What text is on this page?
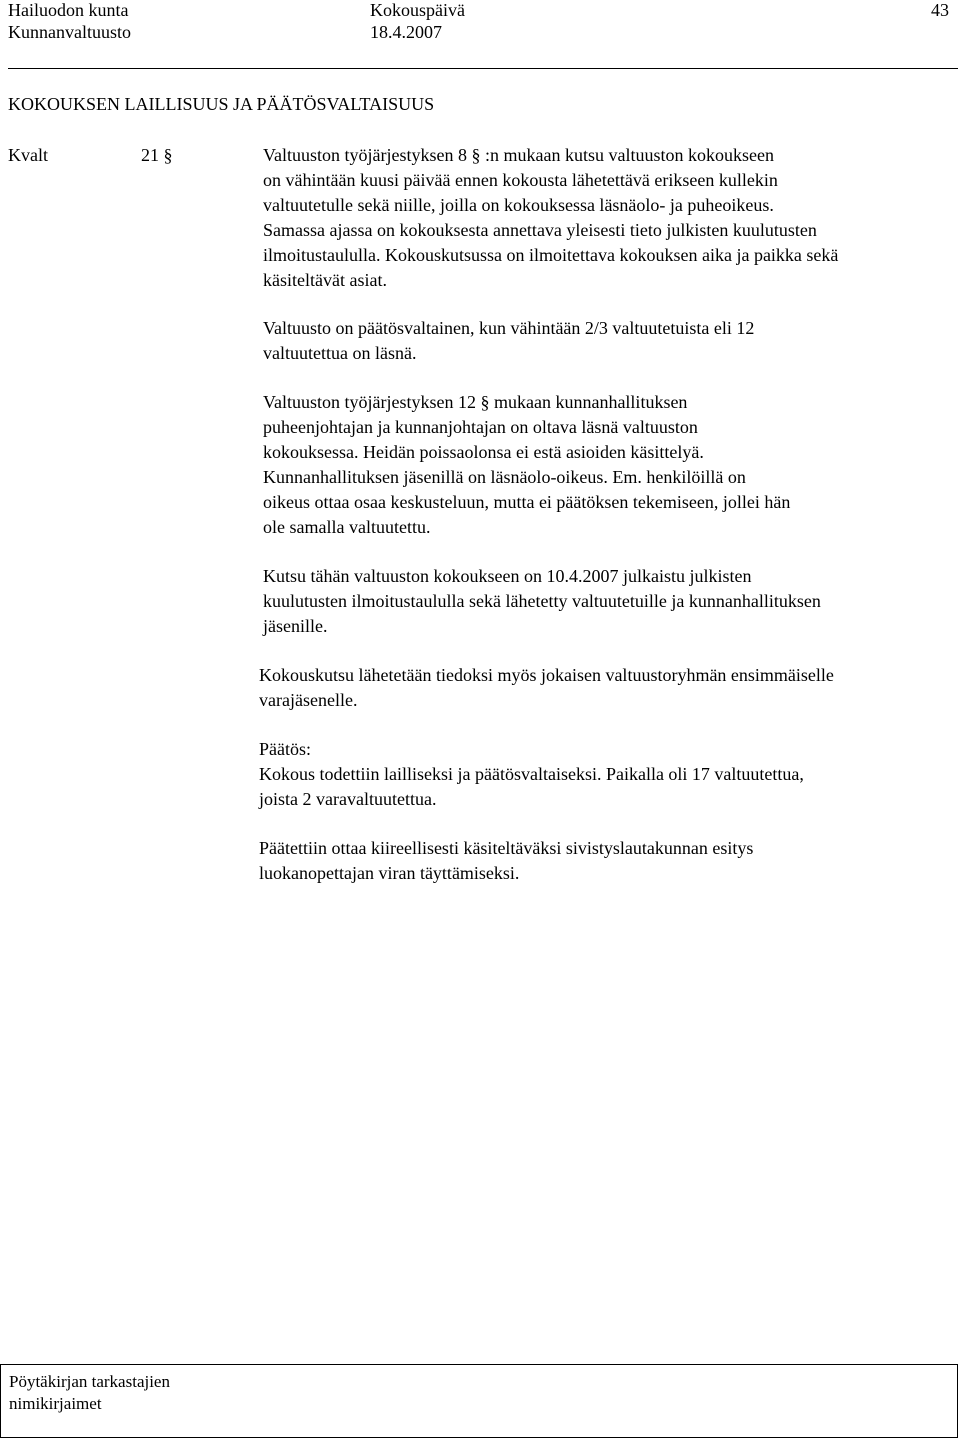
Hailuodon kunta
Kunnanvaltuusto
Kokouspäivä
18.4.2007
43
KOKOUKSEN LAILLISUUS JA PÄÄTÖSVALTAISUUS
Kvalt	21 §	Valtuuston työjärjestyksen 8 § :n mukaan kutsu valtuuston kokoukseen
on vähintään kuusi päivää ennen kokousta lähetettävä erikseen kullekin
valtuutetulle sekä niille, joilla on kokouksessa läsnäolo- ja puheoikeus.
Samassa ajassa on kokouksesta annettava yleisesti tieto julkisten kuulutusten
ilmoitustaululla. Kokouskutsussa on ilmoitettava kokouksen aika ja paikka sekä
käsiteltävät asiat.
Valtuusto on päätösvaltainen, kun vähintään 2/3 valtuutetuista eli 12
valtuutettua on läsnä.
Valtuuston työjärjestyksen 12 § mukaan kunnanhallituksen
puheenjohtajan ja kunnanjohtajan on oltava läsnä valtuuston
kokouksessa. Heidän poissaolonsa ei estä asioiden käsittelyä.
Kunnanhallituksen jäsenillä on läsnäolo-oikeus. Em. henkilöillä on
oikeus ottaa osaa keskusteluun, mutta ei päätöksen tekemiseen, jollei hän
ole samalla valtuutettu.
Kutsu tähän valtuuston kokoukseen on 10.4.2007 julkaistu julkisten
kuulutusten ilmoitustaululla sekä lähetetty valtuutetuille ja kunnanhallituksen
jäsenille.
Kokouskutsu lähetetään tiedoksi myös jokaisen valtuustoryhmän ensimmäiselle
varajäsenelle.
Päätös:
Kokous todettiin lailliseksi ja päätösvaltaiseksi. Paikalla oli 17 valtuutettua,
joista 2 varavaltuutettua.
Päätettiin ottaa kiireellisesti käsiteltäväksi sivistyslautakunnan esitys
luokanopettajan viran täyttämiseksi.
Pöytäkirjan tarkastajien
nimikirjaimet
